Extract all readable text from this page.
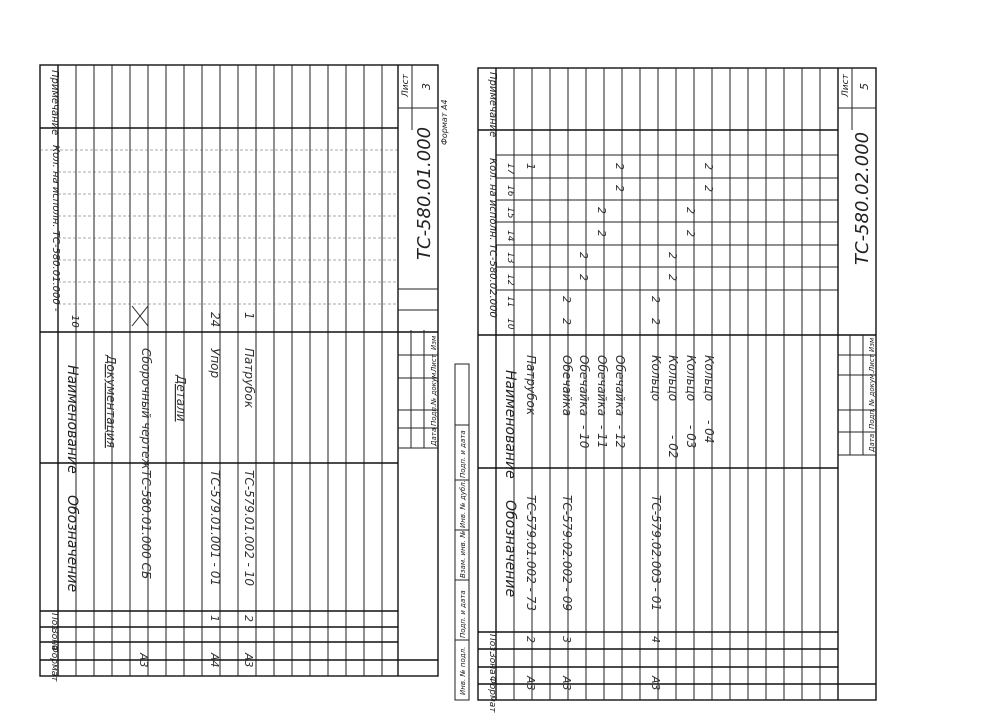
Формат
Зона
Поз.
Обозначение
Наименование
Кол. на исполн. ТС-580.01.000 -
10
Примечание
Документация
А3
ТС-580.01.000 СБ
Сборочный чертеж Детали
А4
1
ТС-579.01.001 - 01
Упор
24
А3
2
ТС-579.01.002 - 10
Патрубок
1
ТС-580.01.000
Лист 3
Изм
Лист
№ докум.
Подп.
Дата
Формат А4
Инв. № подл.
Подп. и дата
Взам. инв. №
Инв. № дубл.
Подп. и дата
Формат
Зона
Поз.
Обозначение
Наименование
Кол. на исполн. ТС-580.02.000
Примечание
10
11
12
13
14
15
16
17
А3
2
ТС-579.01.002 - 73
Патрубок
1
А3
3
ТС-579.02.002 - 09
Обечайка
2
2
- 10
Обечайка
2
2
- 11
Обечайка
2
2
- 12
Обечайка
2
2
А3
4
ТС-579.02.003 - 01
Кольцо
2
2
- 02
Кольцо
2
2
- 03
Кольцо
2
2
- 04
Кольцо
2
2	ТС-580.02.000
Лист 5
Изм
Лист
№ докум.
Подп.
Дата
